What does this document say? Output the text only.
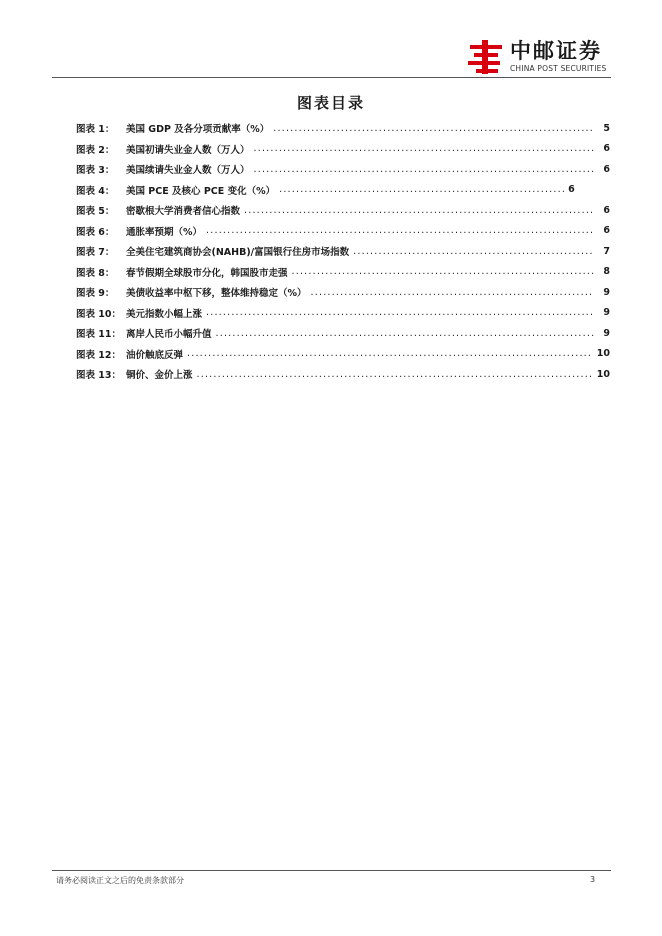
中邮证券
CHINA POST SECURITIES
图表目录
图表 1：	美国 GDP 及各分项贡献率（%） .....	5
图表 2：	美国初请失业金人数（万人） .....	6
图表 3：	美国续请失业金人数（万人） .....	6
图表 4：	美国 PCE 及核心 PCE 变化（%） .....	6
图表 5：	密歇根大学消费者信心指数 .....	6
图表 6：	通胀率预期（%） .....	6
图表 7：	全美住宅建筑商协会(NAHB)/富国银行住房市场指数 .....	7
图表 8：	春节假期全球股市分化，韩国股市走强 .....	8
图表 9：	美债收益率中枢下移，整体维持稳定（%） .....	9
图表 10： 美元指数小幅上涨 .....	9
图表 11： 离岸人民币小幅升值 .....	9
图表 12： 油价触底反弹 .....	10
图表 13： 铜价、金价上涨 .....	10
请务必阅读正文之后的免责条款部分	3
